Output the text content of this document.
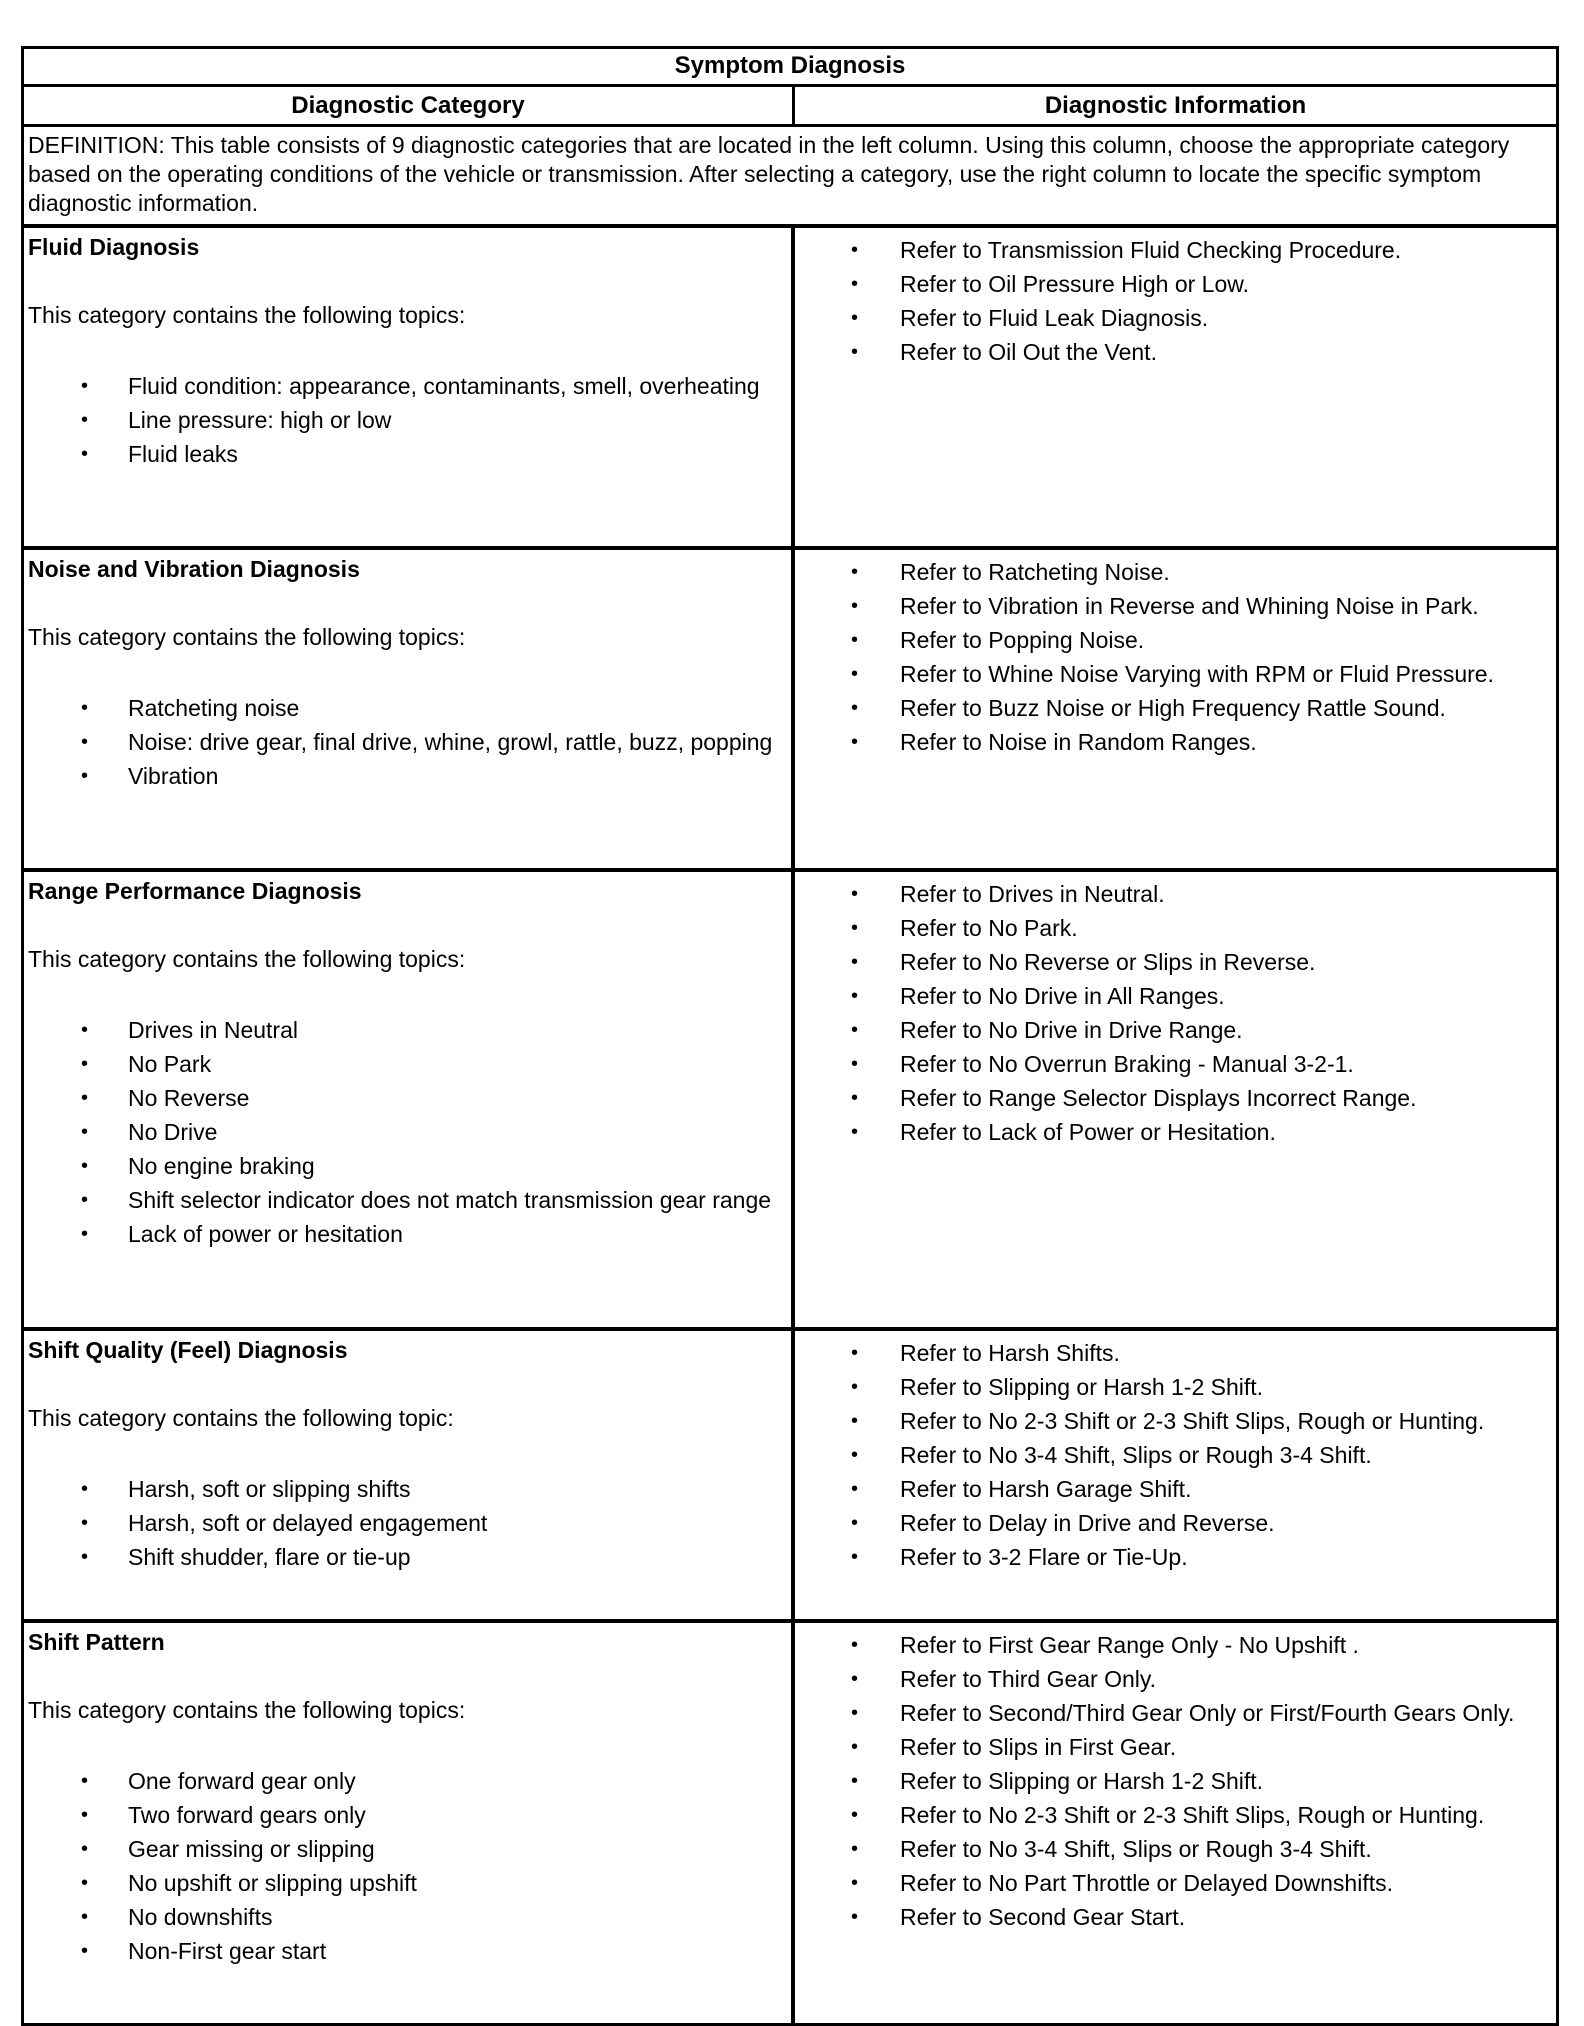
Symptom Diagnosis
Diagnostic Category	Diagnostic Information
DEFINITION: This table consists of 9 diagnostic categories that are located in the left column. Using this column, choose the appropriate category based on the operating conditions of the vehicle or transmission. After selecting a category, use the right column to locate the specific symptom diagnostic information.
Fluid Diagnosis
This category contains the following topics:
• Fluid condition: appearance, contaminants, smell, overheating
• Line pressure: high or low
• Fluid leaks
• Refer to Transmission Fluid Checking Procedure.
• Refer to Oil Pressure High or Low.
• Refer to Fluid Leak Diagnosis.
• Refer to Oil Out the Vent.
Noise and Vibration Diagnosis
This category contains the following topics:
• Ratcheting noise
• Noise: drive gear, final drive, whine, growl, rattle, buzz, popping
• Vibration
• Refer to Ratcheting Noise.
• Refer to Vibration in Reverse and Whining Noise in Park.
• Refer to Popping Noise.
• Refer to Whine Noise Varying with RPM or Fluid Pressure.
• Refer to Buzz Noise or High Frequency Rattle Sound.
• Refer to Noise in Random Ranges.
Range Performance Diagnosis
This category contains the following topics:
• Drives in Neutral
• No Park
• No Reverse
• No Drive
• No engine braking
• Shift selector indicator does not match transmission gear range
• Lack of power or hesitation
• Refer to Drives in Neutral.
• Refer to No Park.
• Refer to No Reverse or Slips in Reverse.
• Refer to No Drive in All Ranges.
• Refer to No Drive in Drive Range.
• Refer to No Overrun Braking - Manual 3-2-1.
• Refer to Range Selector Displays Incorrect Range.
• Refer to Lack of Power or Hesitation.
Shift Quality (Feel) Diagnosis
This category contains the following topic:
• Harsh, soft or slipping shifts
• Harsh, soft or delayed engagement
• Shift shudder, flare or tie-up
• Refer to Harsh Shifts.
• Refer to Slipping or Harsh 1-2 Shift.
• Refer to No 2-3 Shift or 2-3 Shift Slips, Rough or Hunting.
• Refer to No 3-4 Shift, Slips or Rough 3-4 Shift.
• Refer to Harsh Garage Shift.
• Refer to Delay in Drive and Reverse.
• Refer to 3-2 Flare or Tie-Up.
Shift Pattern
This category contains the following topics:
• One forward gear only
• Two forward gears only
• Gear missing or slipping
• No upshift or slipping upshift
• No downshifts
• Non-First gear start
• Refer to First Gear Range Only - No Upshift .
• Refer to Third Gear Only.
• Refer to Second/Third Gear Only or First/Fourth Gears Only.
• Refer to Slips in First Gear.
• Refer to Slipping or Harsh 1-2 Shift.
• Refer to No 2-3 Shift or 2-3 Shift Slips, Rough or Hunting.
• Refer to No 3-4 Shift, Slips or Rough 3-4 Shift.
• Refer to No Part Throttle or Delayed Downshifts.
• Refer to Second Gear Start.
